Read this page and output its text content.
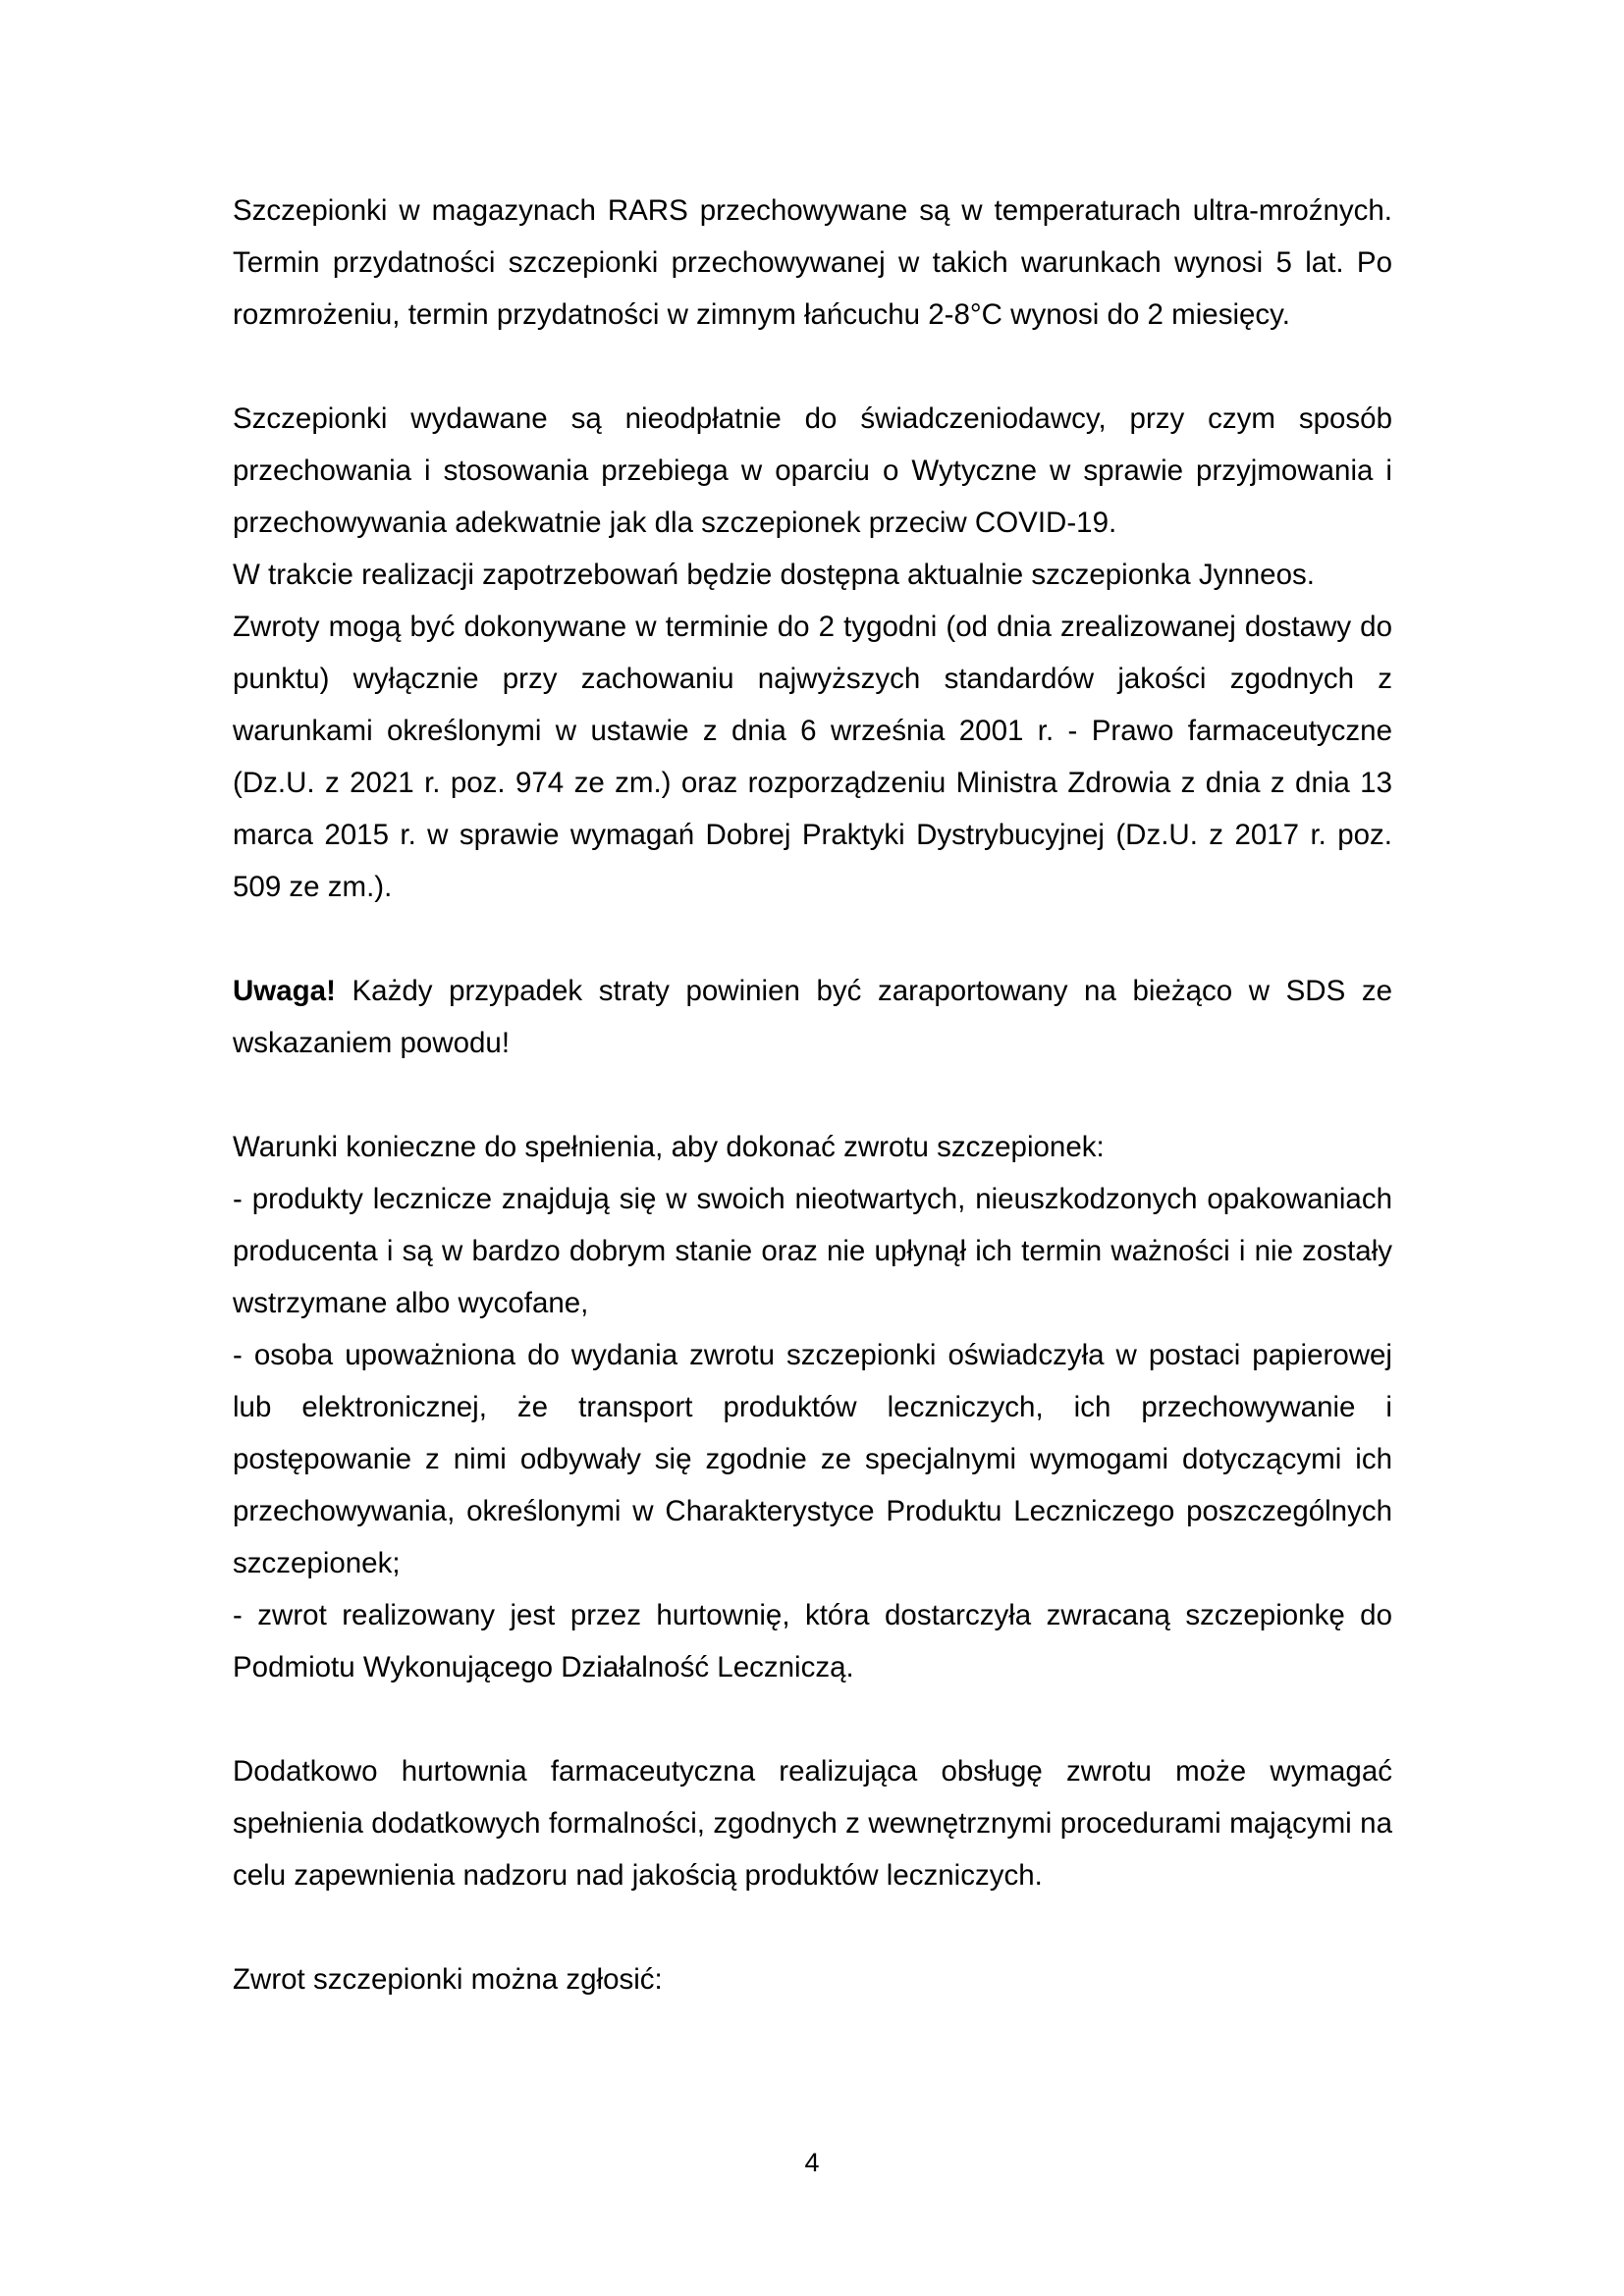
Szczepionki w magazynach RARS przechowywane są w temperaturach ultra-mroźnych. Termin przydatności szczepionki przechowywanej w takich warunkach wynosi 5 lat. Po rozmrożeniu, termin przydatności w zimnym łańcuchu 2-8°C wynosi do 2 miesięcy.

Szczepionki wydawane są nieodpłatnie do świadczeniodawcy, przy czym sposób przechowania i stosowania przebiega w oparciu o Wytyczne w sprawie przyjmowania i przechowywania adekwatnie jak dla szczepionek przeciw COVID-19.

W trakcie realizacji zapotrzebowań będzie dostępna aktualnie szczepionka Jynneos.

Zwroty mogą być dokonywane w terminie do 2 tygodni (od dnia zrealizowanej dostawy do punktu) wyłącznie przy zachowaniu najwyższych standardów jakości zgodnych z warunkami określonymi w ustawie z dnia 6 września 2001 r. - Prawo farmaceutyczne (Dz.U. z 2021 r. poz. 974 ze zm.) oraz rozporządzeniu Ministra Zdrowia z dnia z dnia 13 marca 2015 r. w sprawie wymagań Dobrej Praktyki Dystrybucyjnej (Dz.U. z 2017 r. poz. 509 ze zm.).

Uwaga! Każdy przypadek straty powinien być zaraportowany na bieżąco w SDS ze wskazaniem powodu!

Warunki konieczne do spełnienia, aby dokonać zwrotu szczepionek:

- produkty lecznicze znajdują się w swoich nieotwartych, nieuszkodzonych opakowaniach producenta i są w bardzo dobrym stanie oraz nie upłynął ich termin ważności i nie zostały wstrzymane albo wycofane,

- osoba upoważniona do wydania zwrotu szczepionki oświadczyła w postaci papierowej lub elektronicznej, że transport produktów leczniczych, ich przechowywanie i postępowanie z nimi odbywały się zgodnie ze specjalnymi wymogami dotyczącymi ich przechowywania, określonymi w Charakterystyce Produktu Leczniczego poszczególnych szczepionek;

- zwrot realizowany jest przez hurtownię, która dostarczyła zwracaną szczepionkę do Podmiotu Wykonującego Działalność Leczniczą.

Dodatkowo hurtownia farmaceutyczna realizująca obsługę zwrotu może wymagać spełnienia dodatkowych formalności, zgodnych z wewnętrznymi procedurami mającymi na celu zapewnienia nadzoru nad jakością produktów leczniczych.

Zwrot szczepionki można zgłosić:

4
